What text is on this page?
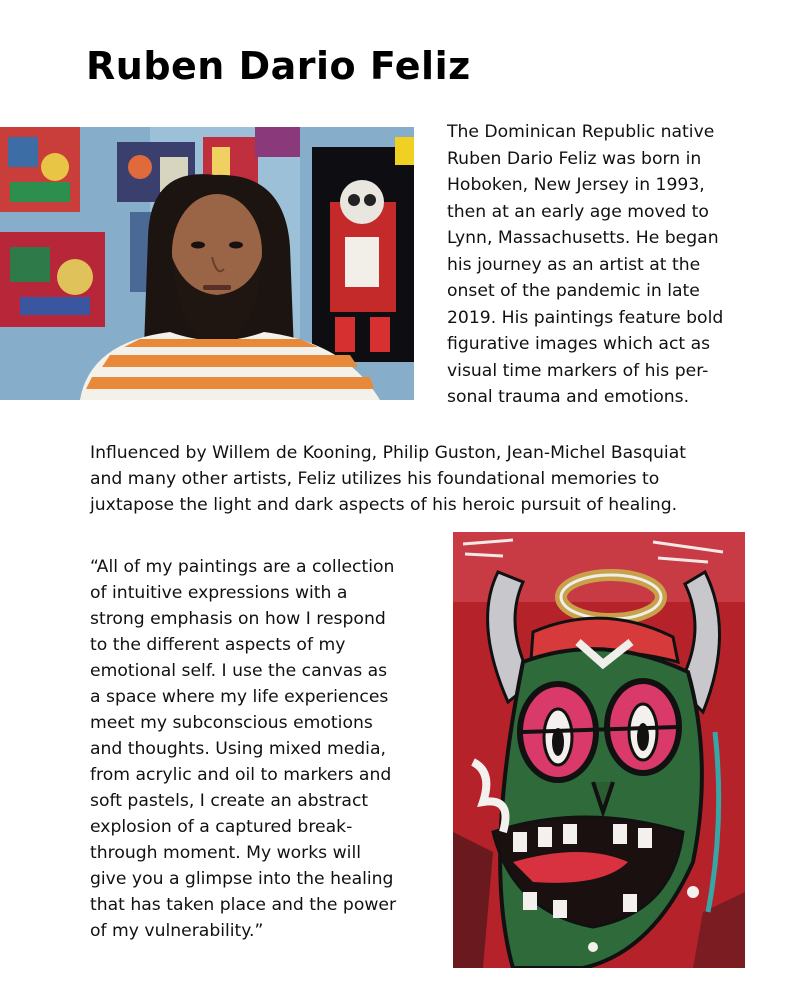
Ruben Dario Feliz
The Dominican Republic native
Ruben Dario Feliz was born in
Hoboken, New Jersey in 1993,
then at an early age moved to
Lynn, Massachusetts. He began
his journey as an artist at the
onset of the pandemic in late
2019. His paintings feature bold
figurative images which act as
visual time markers of his per-
sonal trauma and emotions.
Influenced by Willem de Kooning, Philip Guston, Jean-Michel Basquiat
and many other artists, Feliz utilizes his foundational memories to
juxtapose the light and dark aspects of his heroic pursuit of healing.
“All of my paintings are a collection
of intuitive expressions with a
strong emphasis on how I respond
to the different aspects of my
emotional self. I use the canvas as
a space where my life experiences
meet my subconscious emotions
and thoughts. Using mixed media,
from acrylic and oil to markers and
soft pastels, I create an abstract
explosion of a captured break-
through moment. My works will
give you a glimpse into the healing
that has taken place and the power
of my vulnerability.”
